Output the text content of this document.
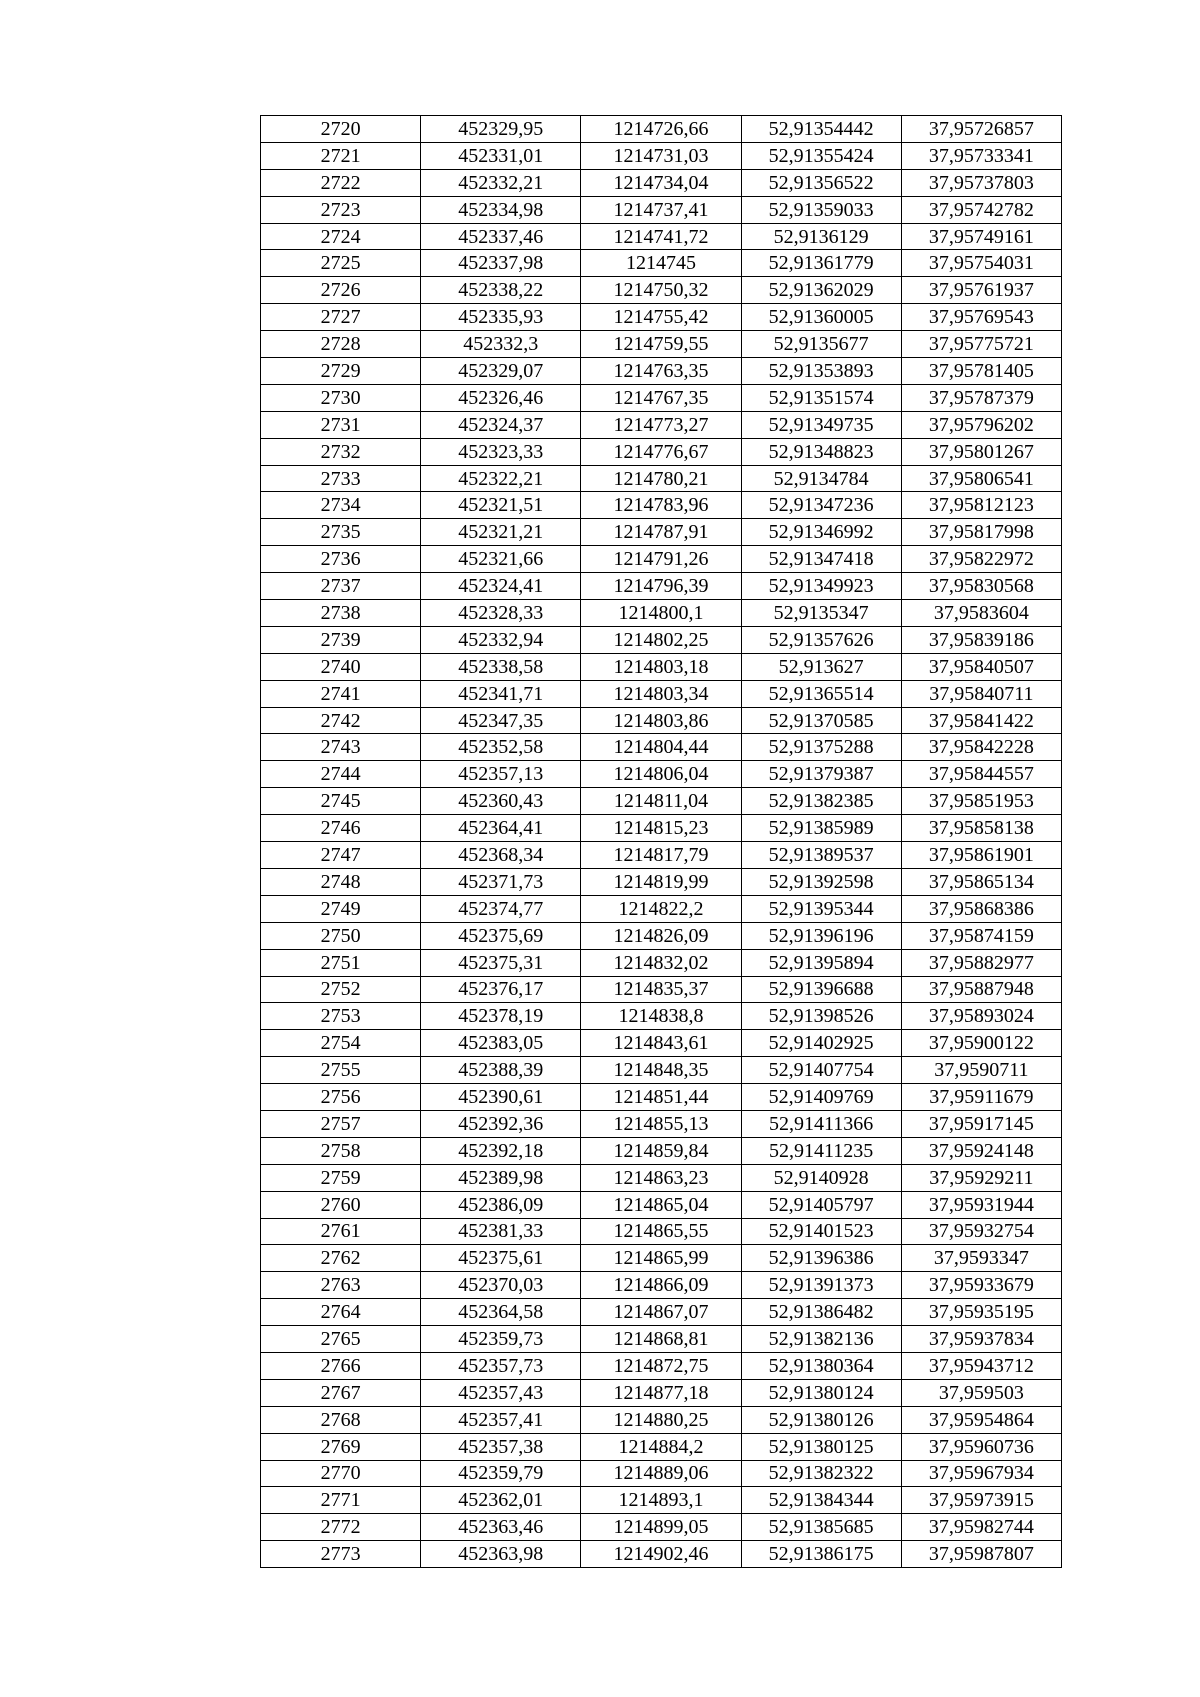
2720	452329,95	1214726,66	52,91354442	37,95726857
2721	452331,01	1214731,03	52,91355424	37,95733341
2722	452332,21	1214734,04	52,91356522	37,95737803
2723	452334,98	1214737,41	52,91359033	37,95742782
2724	452337,46	1214741,72	52,9136129	37,95749161
2725	452337,98	1214745	52,91361779	37,95754031
2726	452338,22	1214750,32	52,91362029	37,95761937
2727	452335,93	1214755,42	52,91360005	37,95769543
2728	452332,3	1214759,55	52,9135677	37,95775721
2729	452329,07	1214763,35	52,91353893	37,95781405
2730	452326,46	1214767,35	52,91351574	37,95787379
2731	452324,37	1214773,27	52,91349735	37,95796202
2732	452323,33	1214776,67	52,91348823	37,95801267
2733	452322,21	1214780,21	52,9134784	37,95806541
2734	452321,51	1214783,96	52,91347236	37,95812123
2735	452321,21	1214787,91	52,91346992	37,95817998
2736	452321,66	1214791,26	52,91347418	37,95822972
2737	452324,41	1214796,39	52,91349923	37,95830568
2738	452328,33	1214800,1	52,9135347	37,9583604
2739	452332,94	1214802,25	52,91357626	37,95839186
2740	452338,58	1214803,18	52,913627	37,95840507
2741	452341,71	1214803,34	52,91365514	37,95840711
2742	452347,35	1214803,86	52,91370585	37,95841422
2743	452352,58	1214804,44	52,91375288	37,95842228
2744	452357,13	1214806,04	52,91379387	37,95844557
2745	452360,43	1214811,04	52,91382385	37,95851953
2746	452364,41	1214815,23	52,91385989	37,95858138
2747	452368,34	1214817,79	52,91389537	37,95861901
2748	452371,73	1214819,99	52,91392598	37,95865134
2749	452374,77	1214822,2	52,91395344	37,95868386
2750	452375,69	1214826,09	52,91396196	37,95874159
2751	452375,31	1214832,02	52,91395894	37,95882977
2752	452376,17	1214835,37	52,91396688	37,95887948
2753	452378,19	1214838,8	52,91398526	37,95893024
2754	452383,05	1214843,61	52,91402925	37,95900122
2755	452388,39	1214848,35	52,91407754	37,9590711
2756	452390,61	1214851,44	52,91409769	37,95911679
2757	452392,36	1214855,13	52,91411366	37,95917145
2758	452392,18	1214859,84	52,91411235	37,95924148
2759	452389,98	1214863,23	52,9140928	37,95929211
2760	452386,09	1214865,04	52,91405797	37,95931944
2761	452381,33	1214865,55	52,91401523	37,95932754
2762	452375,61	1214865,99	52,91396386	37,9593347
2763	452370,03	1214866,09	52,91391373	37,95933679
2764	452364,58	1214867,07	52,91386482	37,95935195
2765	452359,73	1214868,81	52,91382136	37,95937834
2766	452357,73	1214872,75	52,91380364	37,95943712
2767	452357,43	1214877,18	52,91380124	37,959503
2768	452357,41	1214880,25	52,91380126	37,95954864
2769	452357,38	1214884,2	52,91380125	37,95960736
2770	452359,79	1214889,06	52,91382322	37,95967934
2771	452362,01	1214893,1	52,91384344	37,95973915
2772	452363,46	1214899,05	52,91385685	37,95982744
2773	452363,98	1214902,46	52,91386175	37,95987807
